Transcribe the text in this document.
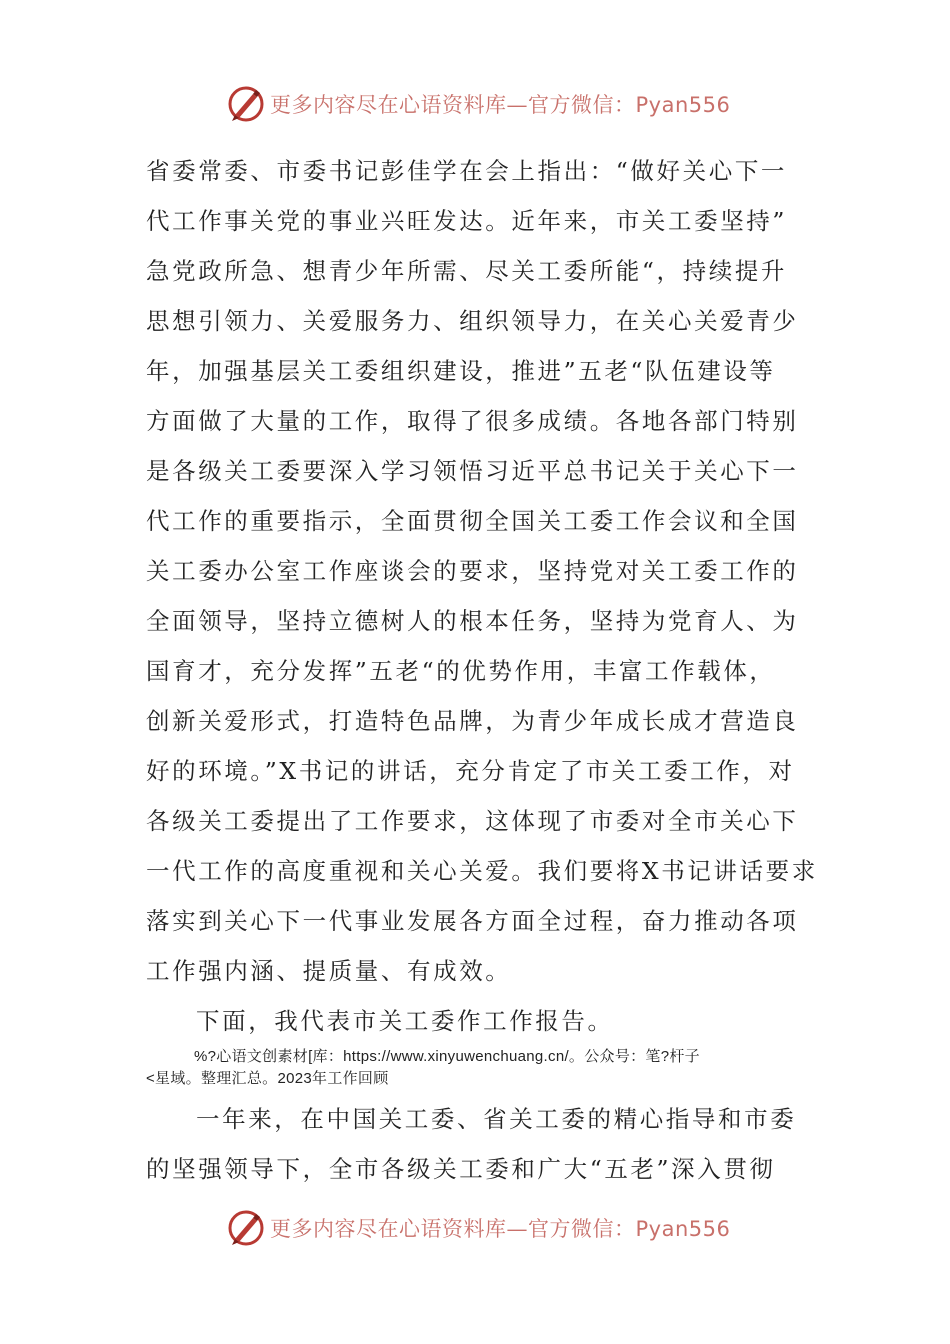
更多内容尽在心语资料库—官方微信：Pyan556

省委常委、市委书记彭佳学在会上指出：“做好关心下一
代工作事关党的事业兴旺发达。近年来，市关工委坚持”
急党政所急、想青少年所需、尽关工委所能“，持续提升
思想引领力、关爱服务力、组织领导力，在关心关爱青少
年，加强基层关工委组织建设，推进”五老“队伍建设等
方面做了大量的工作，取得了很多成绩。各地各部门特别
是各级关工委要深入学习领悟习近平总书记关于关心下一
代工作的重要指示，全面贯彻全国关工委工作会议和全国
关工委办公室工作座谈会的要求，坚持党对关工委工作的
全面领导，坚持立德树人的根本任务，坚持为党育人、为
国育才，充分发挥”五老“的优势作用，丰富工作载体，
创新关爱形式，打造特色品牌，为青少年成长成才营造良
好的环境。”X书记的讲话，充分肯定了市关工委工作，对
各级关工委提出了工作要求，这体现了市委对全市关心下
一代工作的高度重视和关心关爱。我们要将X书记讲话要求
落实到关心下一代事业发展各方面全过程，奋力推动各项
工作强内涵、提质量、有成效。

下面，我代表市关工委作工作报告。

%?心语文创素材[库：https://www.xinyuwenchuang.cn/。公众号：笔?杆子
<星域。整理汇总。2023年工作回顾

一年来，在中国关工委、省关工委的精心指导和市委
的坚强领导下，全市各级关工委和广大“五老”深入贯彻

更多内容尽在心语资料库—官方微信：Pyan556
